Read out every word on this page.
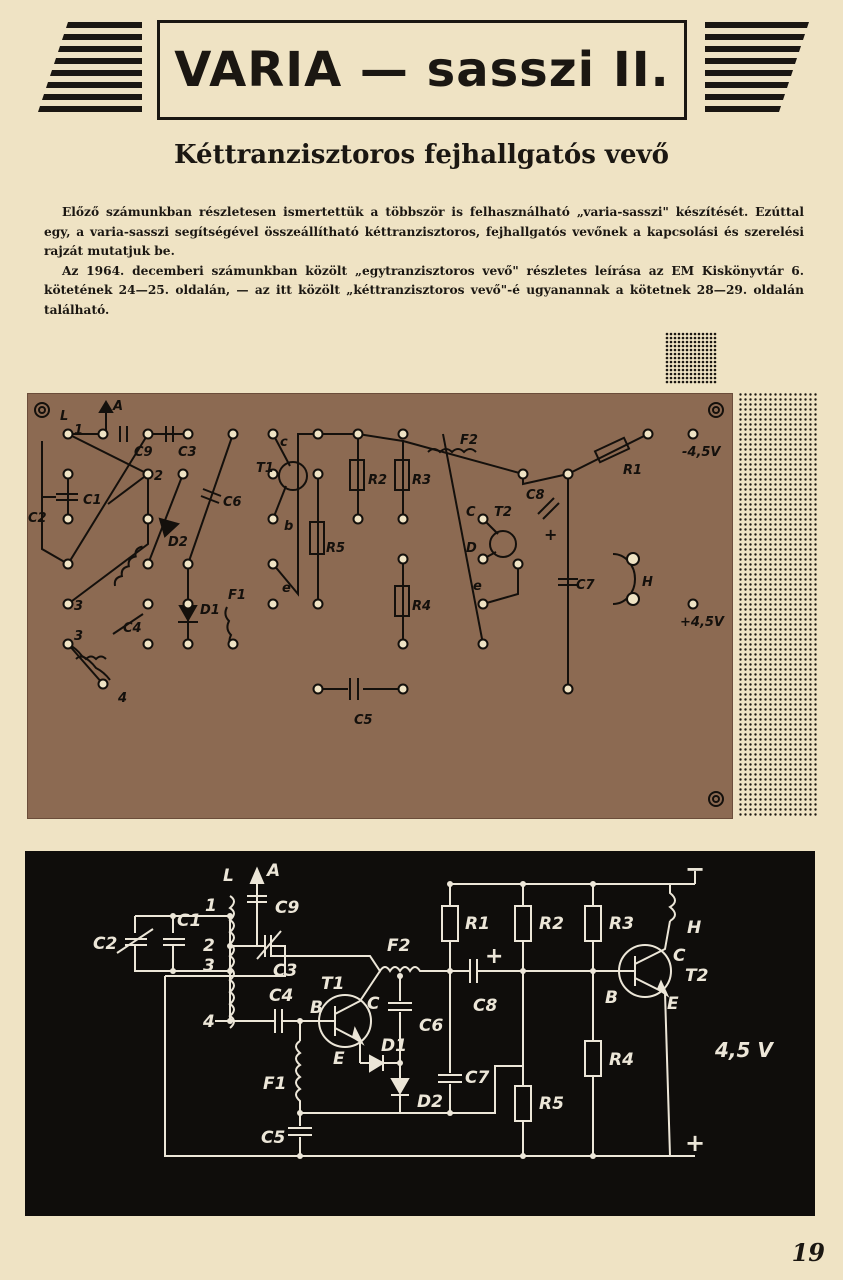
VARIA — sasszi II.
Kéttranzisztoros fejhallgatós vevő

Előző számunkban részletesen ismertettük a többször is felhasználható „varia-sasszi" készítését. Ezúttal egy, a varia-sasszi segítségével összeállítható kéttranzisztoros, fejhallgatós vevőnek a kapcsolási és szerelési rajzát mutatjuk be.

Az 1964. decemberi számunkban közölt „egytranzisztoros vevő" részletes leírása az EM Kiskönyvtár 6. kötetének 24—25. oldalán, — az itt közölt „kéttranzisztoros vevő"-é ugyanannak a kötetnek 28—29. oldalán található.

L
A
C9 C3
C2
C1
D2
D1
C6
F1
C4
T1
c
b
e
R5
R2 R3
R4
F2
C8
T2
C
D
e	C7	H
R1
C5
1
2
3
3
4
+
-4,5V
+4,5V
L A
C9
C2
C1
1
2
3
4
C3
F2
T1
B	C
E
C4
C6
D1
D2
F1
C5
R1
C8
C7
R2
R5
R3
R4
H
C
T2
B	E
4,5 V
−
+
+
19
